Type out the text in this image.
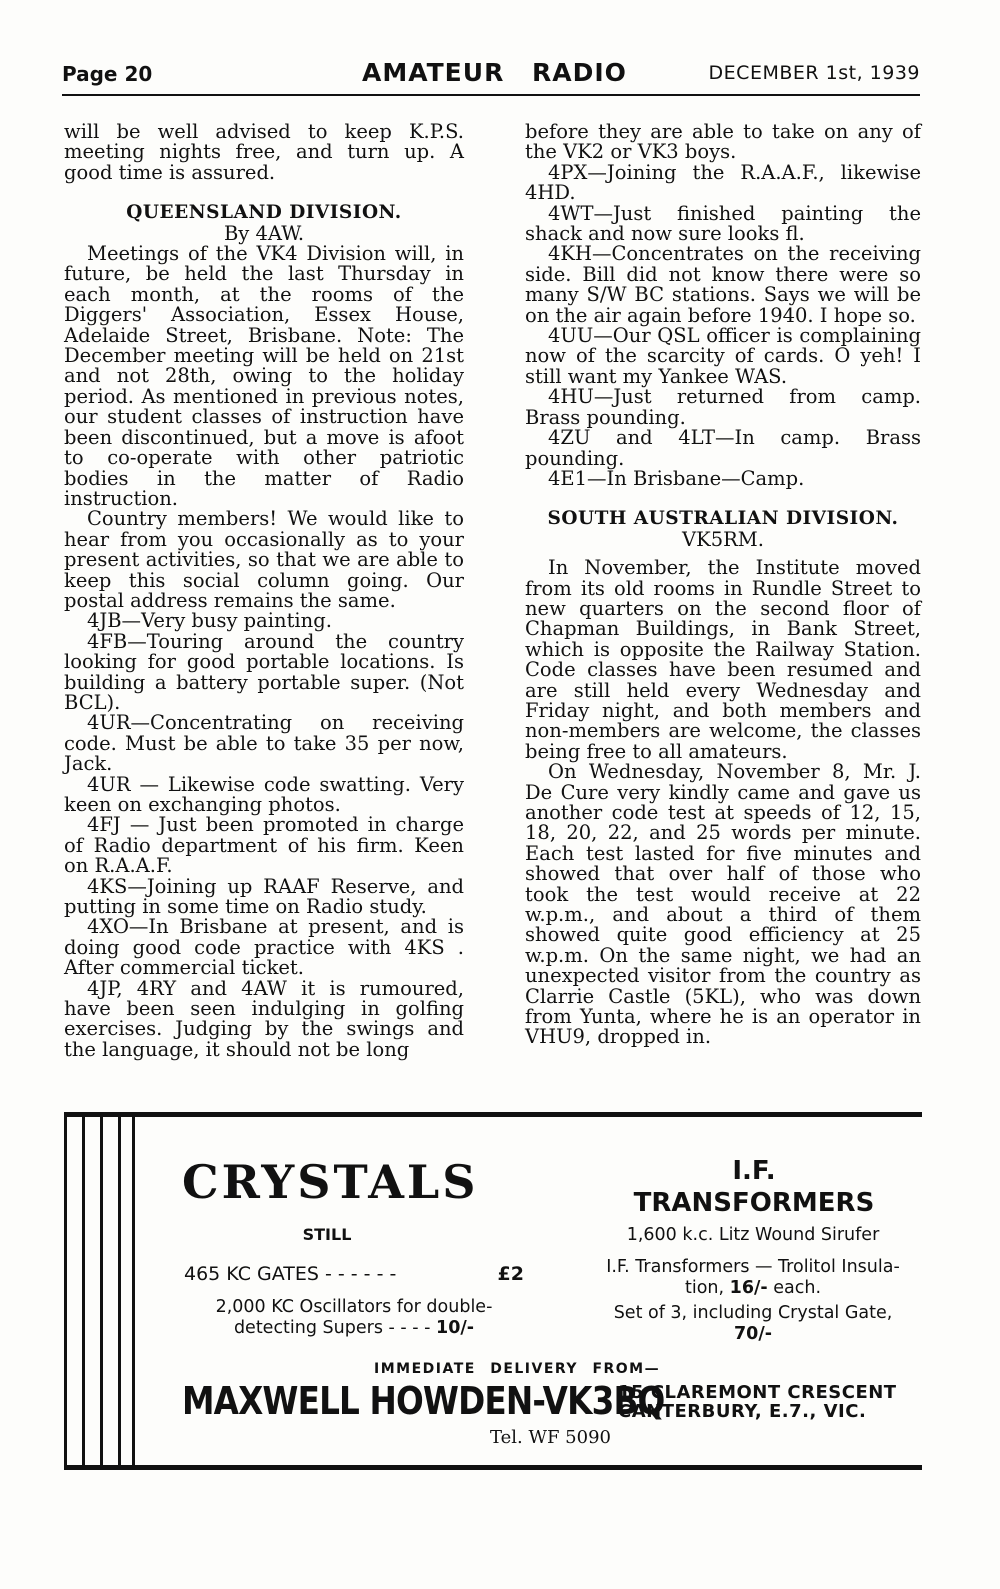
Page 20	AMATEUR RADIO	DECEMBER 1st, 1939

will be well advised to keep K.P.S. meeting nights free, and turn up. A good time is assured.

QUEENSLAND DIVISION.

By 4AW.

Meetings of the VK4 Division will, in future, be held the last Thursday in each month, at the rooms of the Diggers' Association, Essex House, Adelaide Street, Brisbane. Note: The December meeting will be held on 21st and not 28th, owing to the holiday period. As mentioned in previous notes, our student classes of instruction have been discontinued, but a move is afoot to co-operate with other patriotic bodies in the matter of Radio instruction.

Country members! We would like to hear from you occasionally as to your present activities, so that we are able to keep this social column going. Our postal address remains the same.

4JB—Very busy painting.

4FB—Touring around the country looking for good portable locations. Is building a battery portable super. (Not BCL).

4UR—Concentrating on receiving code. Must be able to take 35 per now, Jack.

4UR — Likewise code swatting. Very keen on exchanging photos.

4FJ — Just been promoted in charge of Radio department of his firm. Keen on R.A.A.F.

4KS—Joining up RAAF Reserve, and putting in some time on Radio study.

4XO—In Brisbane at present, and is doing good code practice with 4KS . After commercial ticket.

4JP, 4RY and 4AW it is rumoured, have been seen indulging in golfing exercises. Judging by the swings and the language, it should not be long

before they are able to take on any of the VK2 or VK3 boys.

4PX—Joining the R.A.A.F., likewise 4HD.

4WT—Just finished painting the shack and now sure looks fl.

4KH—Concentrates on the receiving side. Bill did not know there were so many S/W BC stations. Says we will be on the air again before 1940. I hope so.

4UU—Our QSL officer is complaining now of the scarcity of cards. O yeh! I still want my Yankee WAS.

4HU—Just returned from camp. Brass pounding.

4ZU and 4LT—In camp. Brass pounding.

4E1—In Brisbane—Camp.

SOUTH AUSTRALIAN DIVISION.

VK5RM.

In November, the Institute moved from its old rooms in Rundle Street to new quarters on the second floor of Chapman Buildings, in Bank Street, which is opposite the Railway Station. Code classes have been resumed and are still held every Wednesday and Friday night, and both members and non-members are welcome, the classes being free to all amateurs.

On Wednesday, November 8, Mr. J. De Cure very kindly came and gave us another code test at speeds of 12, 15, 18, 20, 22, and 25 words per minute. Each test lasted for five minutes and showed that over half of those who took the test would receive at 22 w.p.m., and about a third of them showed quite good efficiency at 25 w.p.m. On the same night, we had an unexpected visitor from the country as Clarrie Castle (5KL), who was down from Yunta, where he is an operator in VHU9, dropped in.

CRYSTALS
STILL
465 KC GATES - - - - - -	£2
2,000 KC Oscillators for double-
detecting Supers - - - - 10/-
I.F.
TRANSFORMERS
1,600 k.c. Litz Wound Sirufer
I.F. Transformers — Trolitol Insula-
tion, 16/- each.
Set of 3, including Crystal Gate,
70/-
IMMEDIATE DELIVERY FROM—
MAXWELL HOWDEN-VK3BQ
15 CLAREMONT CRESCENT
CANTERBURY, E.7., VIC.
Tel. WF 5090
